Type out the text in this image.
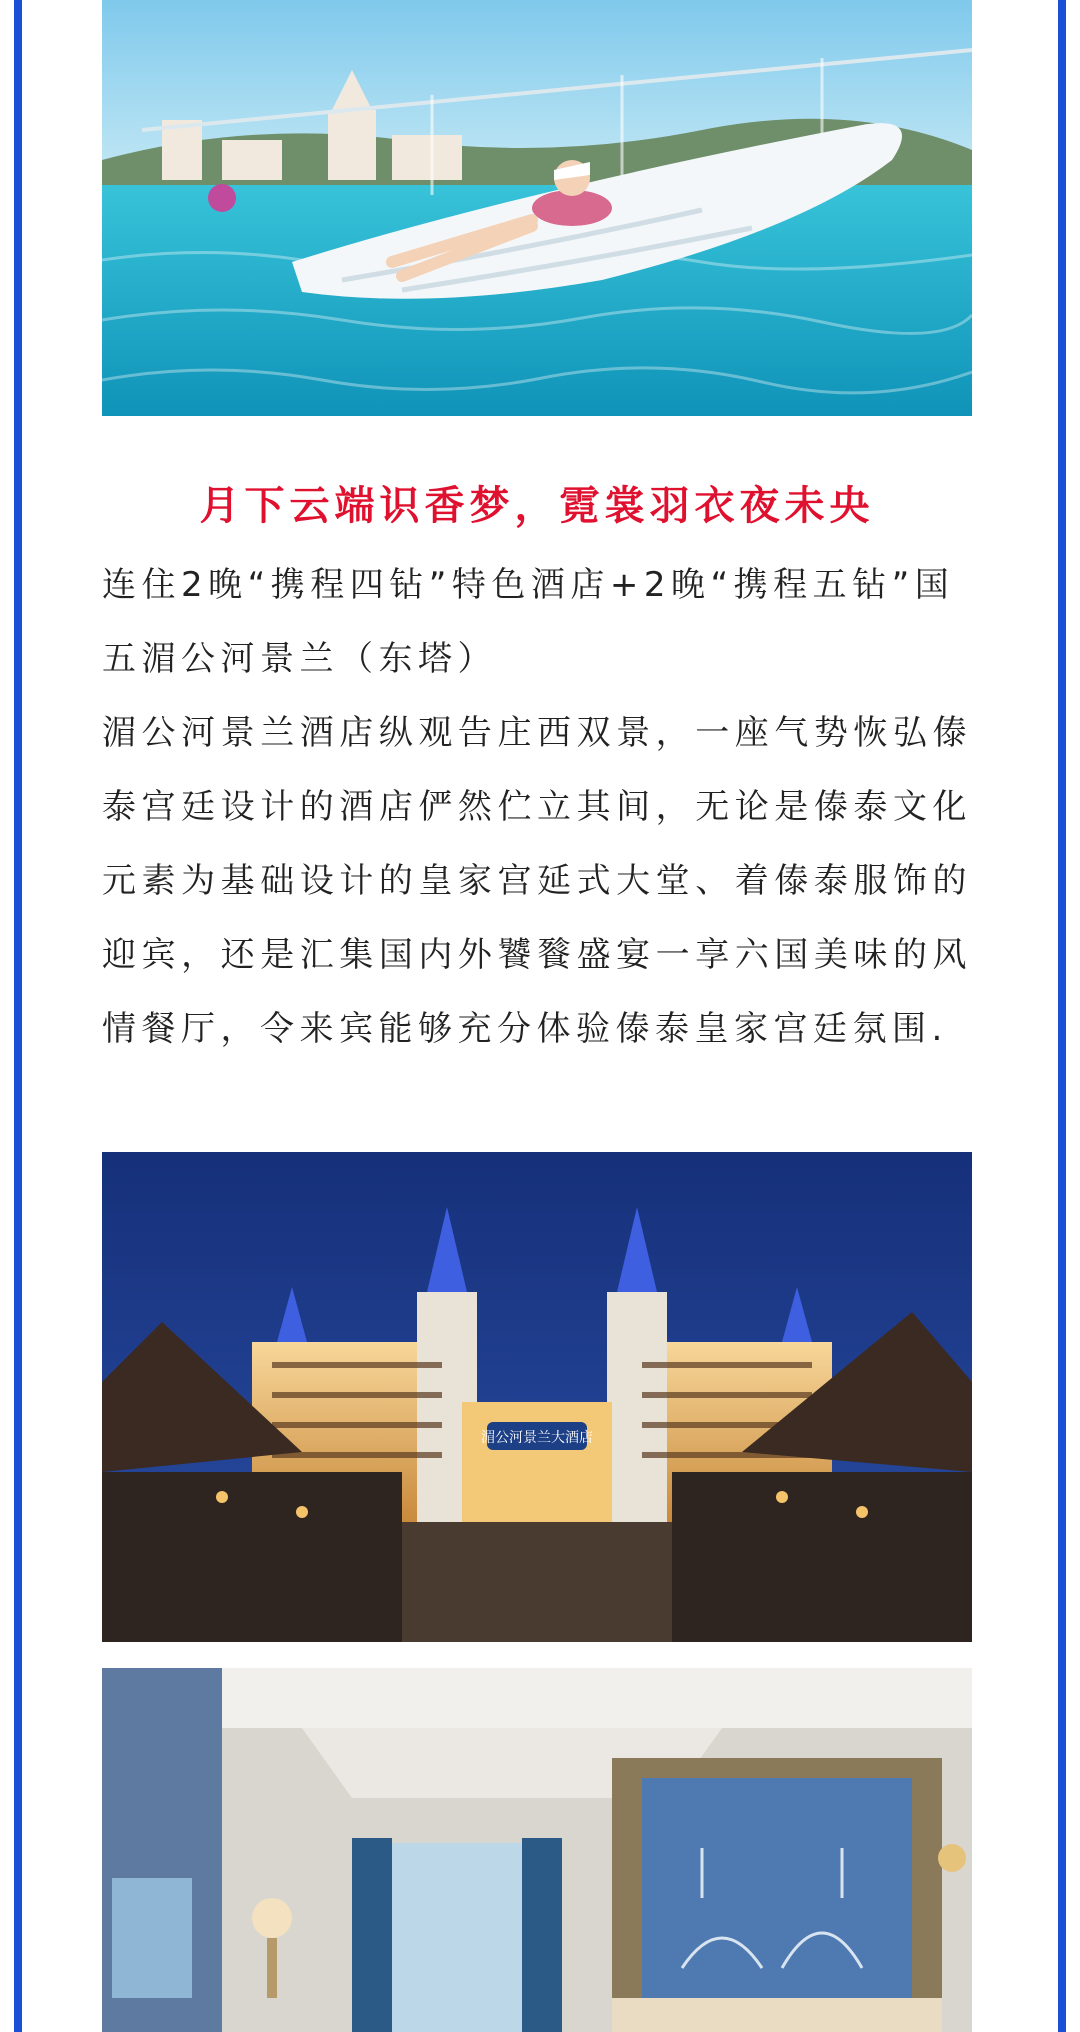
月下云端识香梦，霓裳羽衣夜未央
连住2晚“携程四钻”特色酒店+2晚“携程五钻”国五湄公河景兰（东塔）
湄公河景兰酒店纵观告庄西双景，一座气势恢弘傣泰宫廷设计的酒店俨然伫立其间，无论是傣泰文化元素为基础设计的皇家宫延式大堂、着傣泰服饰的迎宾，还是汇集国内外饕餮盛宴一享六国美味的风情餐厅，令来宾能够充分体验傣泰皇家宫廷氛围.
湄公河景兰大酒店
